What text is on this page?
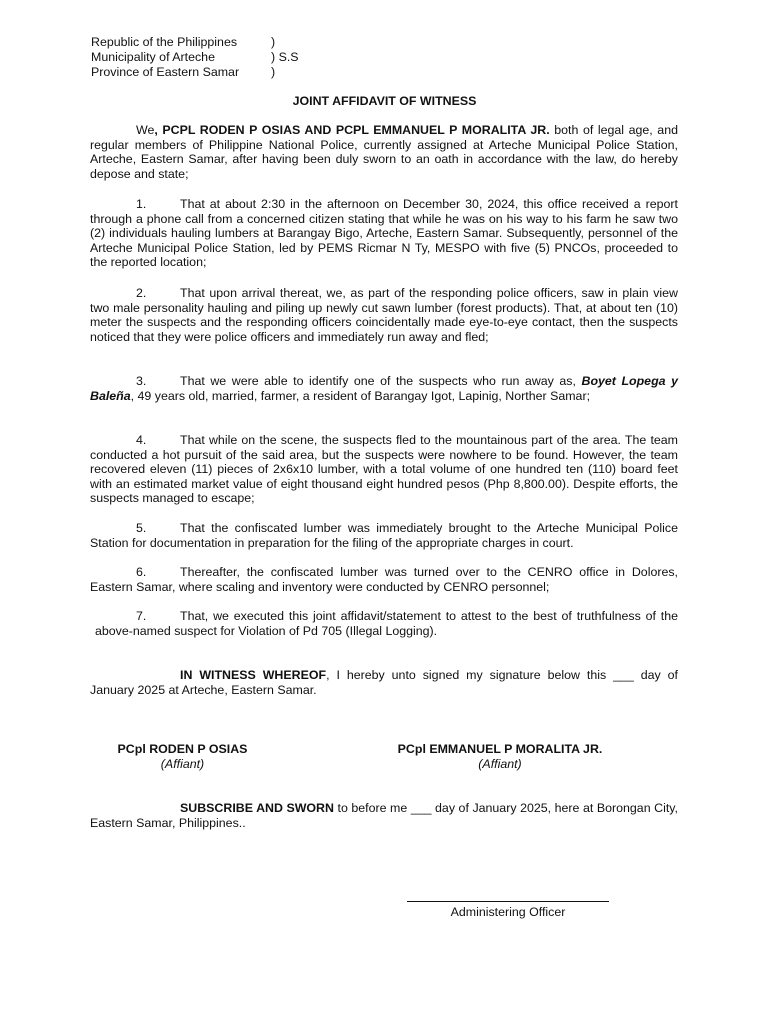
Republic of the Philippines	)
Municipality of Arteche	) S.S
Province of Eastern Samar	)
JOINT AFFIDAVIT OF WITNESS

We, PCPL RODEN P OSIAS AND PCPL EMMANUEL P MORALITA JR. both of legal age, and regular members of Philippine National Police, currently assigned at Arteche Municipal Police Station, Arteche, Eastern Samar, after having been duly sworn to an oath in accordance with the law, do hereby depose and state;

1.	That at about 2:30 in the afternoon on December 30, 2024, this office received a report through a phone call from a concerned citizen stating that while he was on his way to his farm he saw two (2) individuals hauling lumbers at Barangay Bigo, Arteche, Eastern Samar. Subsequently, personnel of the Arteche Municipal Police Station, led by PEMS Ricmar N Ty, MESPO with five (5) PNCOs, proceeded to the reported location;

2.	That upon arrival thereat, we, as part of the responding police officers, saw in plain view two male personality hauling and piling up newly cut sawn lumber (forest products). That, at about ten (10) meter the suspects and the responding officers coincidentally made eye-to-eye contact, then the suspects noticed that they were police officers and immediately run away and fled;

3.	That we were able to identify one of the suspects who run away as, Boyet Lopega y Baleña, 49 years old, married, farmer, a resident of Barangay Igot, Lapinig, Norther Samar;

4.	That while on the scene, the suspects fled to the mountainous part of the area. The team conducted a hot pursuit of the said area, but the suspects were nowhere to be found. However, the team recovered eleven (11) pieces of 2x6x10 lumber, with a total volume of one hundred ten (110) board feet with an estimated market value of eight thousand eight hundred pesos (Php 8,800.00). Despite efforts, the suspects managed to escape;

5.	That the confiscated lumber was immediately brought to the Arteche Municipal Police Station for documentation in preparation for the filing of the appropriate charges in court.

6.	Thereafter, the confiscated lumber was turned over to the CENRO office in Dolores, Eastern Samar, where scaling and inventory were conducted by CENRO personnel;

7.	That, we executed this joint affidavit/statement to attest to the best of truthfulness of the above-named suspect for Violation of Pd 705 (Illegal Logging).

IN WITNESS WHEREOF, I hereby unto signed my signature below this ___ day of January 2025 at Arteche, Eastern Samar.

PCpl RODEN P OSIAS
(Affiant)
PCpl EMMANUEL P MORALITA JR.
(Affiant)

SUBSCRIBE AND SWORN to before me ___ day of January 2025, here at Borongan City, Eastern Samar, Philippines..

Administering Officer
